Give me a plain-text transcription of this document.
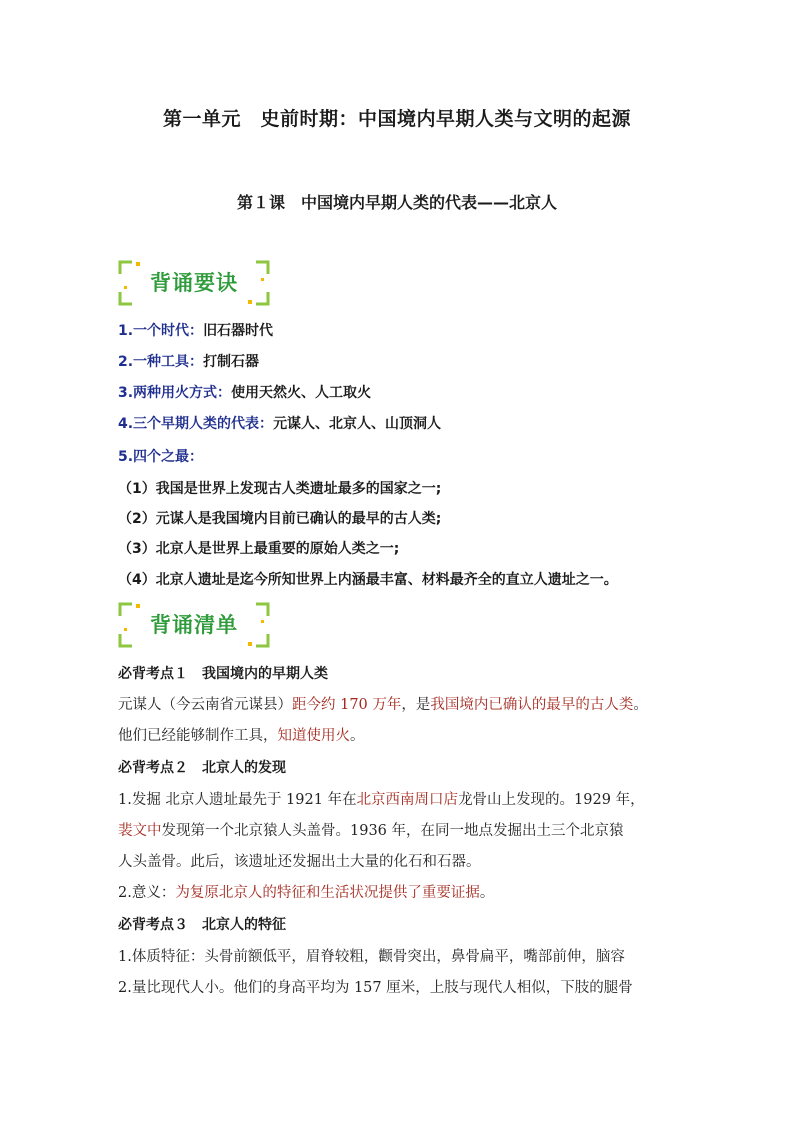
第一单元　史前时期：中国境内早期人类与文明的起源
第１课　中国境内早期人类的代表——北京人
背诵要诀
1.一个时代：旧石器时代
2.一种工具：打制石器
3.两种用火方式：使用天然火、人工取火
4.三个早期人类的代表：元谋人、北京人、山顶洞人
5.四个之最：
（1）我国是世界上发现古人类遗址最多的国家之一;
（2）元谋人是我国境内目前已确认的最早的古人类;
（3）北京人是世界上最重要的原始人类之一;
（4）北京人遗址是迄今所知世界上内涵最丰富、材料最齐全的直立人遗址之一。
背诵清单
必背考点１　我国境内的早期人类
元谋人（今云南省元谋县）距今约 170 万年，是我国境内已确认的最早的古人类。
他们已经能够制作工具，知道使用火。
必背考点２　北京人的发现
1.发掘 北京人遗址最先于 1921 年在北京西南周口店龙骨山上发现的。1929 年，
裴文中发现第一个北京猿人头盖骨。1936 年，在同一地点发掘出土三个北京猿
人头盖骨。此后，该遗址还发掘出土大量的化石和石器。
2.意义：为复原北京人的特征和生活状况提供了重要证据。
必背考点３　北京人的特征
1.体质特征：头骨前额低平，眉脊较粗，颧骨突出，鼻骨扁平，嘴部前伸，脑容
2.量比现代人小。他们的身高平均为 157 厘米，上肢与现代人相似，下肢的腿骨
